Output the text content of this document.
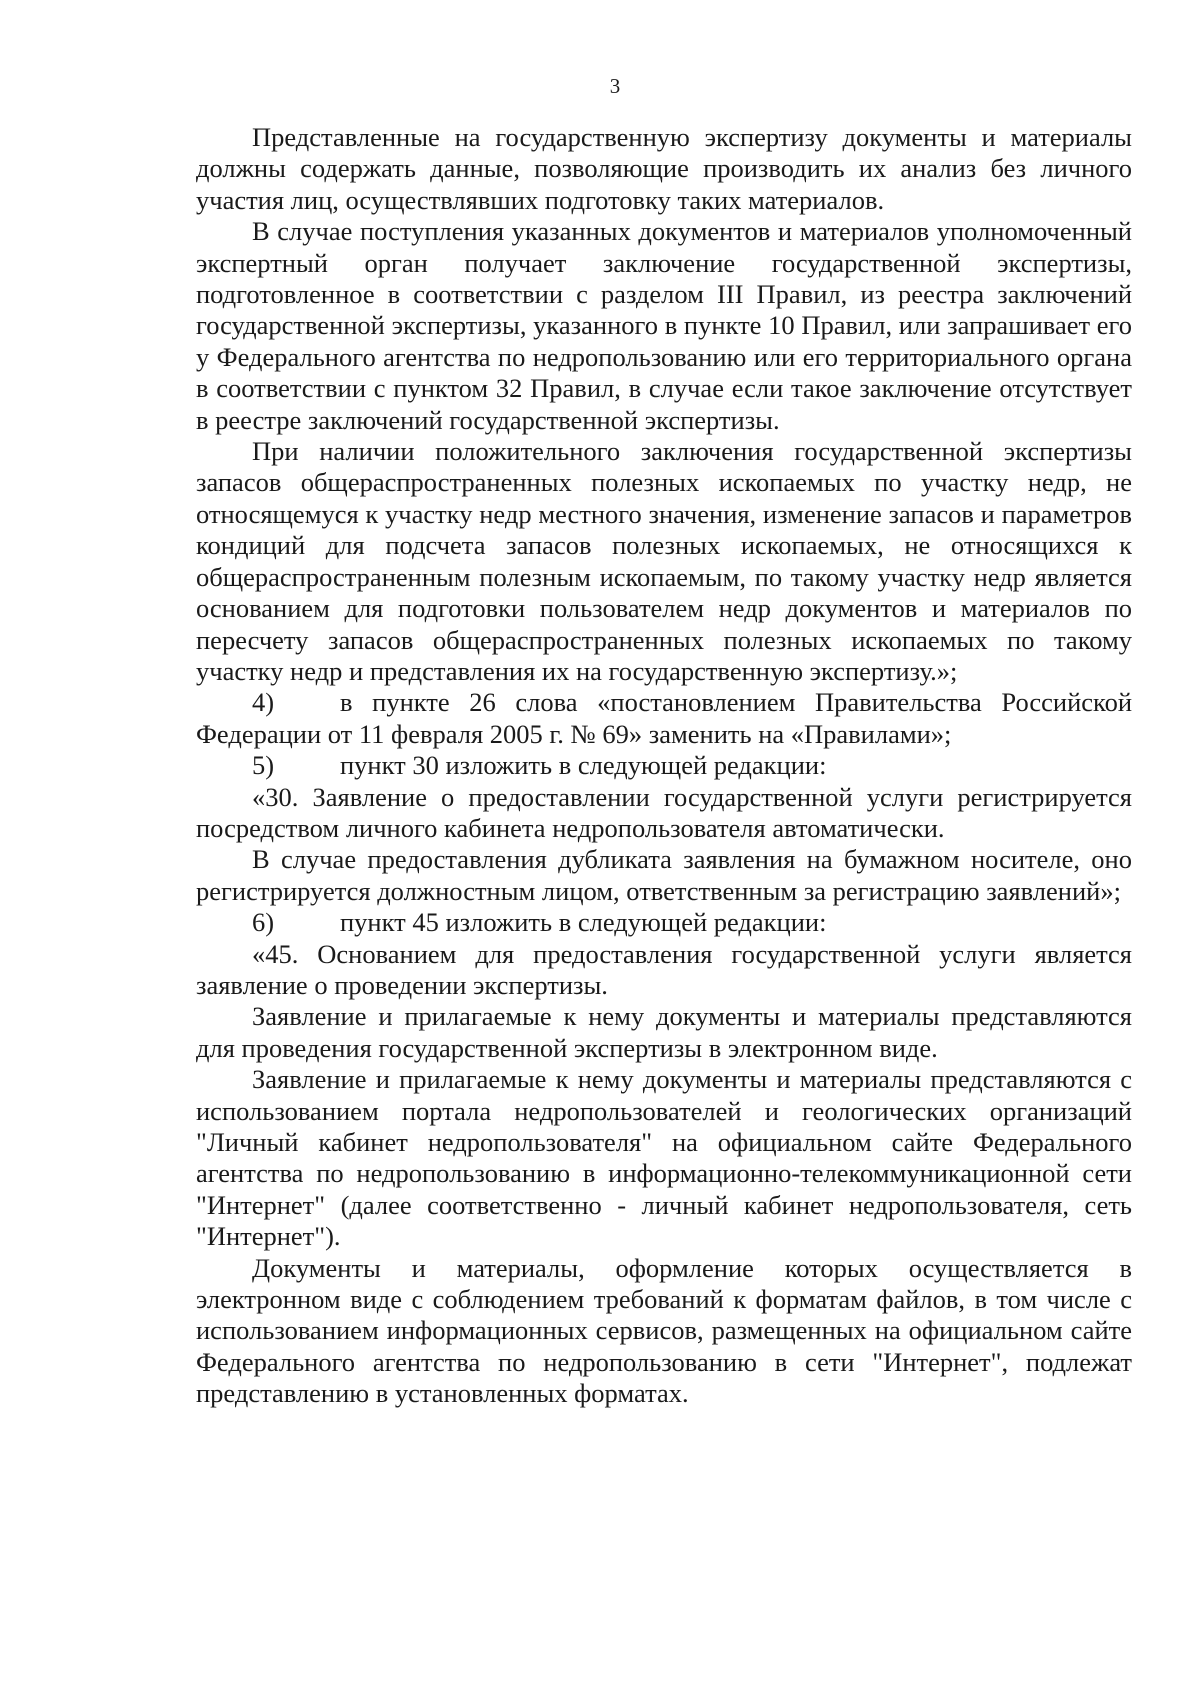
3

Представленные на государственную экспертизу документы и материалы должны содержать данные, позволяющие производить их анализ без личного участия лиц, осуществлявших подготовку таких материалов.

В случае поступления указанных документов и материалов уполномоченный экспертный орган получает заключение государственной экспертизы, подготовленное в соответствии с разделом III Правил, из реестра заключений государственной экспертизы, указанного в пункте 10 Правил, или запрашивает его у Федерального агентства по недропользованию или его территориального органа в соответствии с пунктом 32 Правил, в случае если такое заключение отсутствует в реестре заключений государственной экспертизы.

При наличии положительного заключения государственной экспертизы запасов общераспространенных полезных ископаемых по участку недр, не относящемуся к участку недр местного значения, изменение запасов и параметров кондиций для подсчета запасов полезных ископаемых, не относящихся к общераспространенным полезным ископаемым, по такому участку недр является основанием для подготовки пользователем недр документов и материалов по пересчету запасов общераспространенных полезных ископаемых по такому участку недр и представления их на государственную экспертизу.»;

4) в пункте 26 слова «постановлением Правительства Российской Федерации от 11 февраля 2005 г. № 69» заменить на «Правилами»;

5) пункт 30 изложить в следующей редакции:

«30. Заявление о предоставлении государственной услуги регистрируется посредством личного кабинета недропользователя автоматически.

В случае предоставления дубликата заявления на бумажном носителе, оно регистрируется должностным лицом, ответственным за регистрацию заявлений»;

6) пункт 45 изложить в следующей редакции:

«45. Основанием для предоставления государственной услуги является заявление о проведении экспертизы.

Заявление и прилагаемые к нему документы и материалы представляются для проведения государственной экспертизы в электронном виде.

Заявление и прилагаемые к нему документы и материалы представляются с использованием портала недропользователей и геологических организаций "Личный кабинет недропользователя" на официальном сайте Федерального агентства по недропользованию в информационно-телекоммуникационной сети "Интернет" (далее соответственно - личный кабинет недропользователя, сеть "Интернет").

Документы и материалы, оформление которых осуществляется в электронном виде с соблюдением требований к форматам файлов, в том числе с использованием информационных сервисов, размещенных на официальном сайте Федерального агентства по недропользованию в сети "Интернет", подлежат представлению в установленных форматах.
